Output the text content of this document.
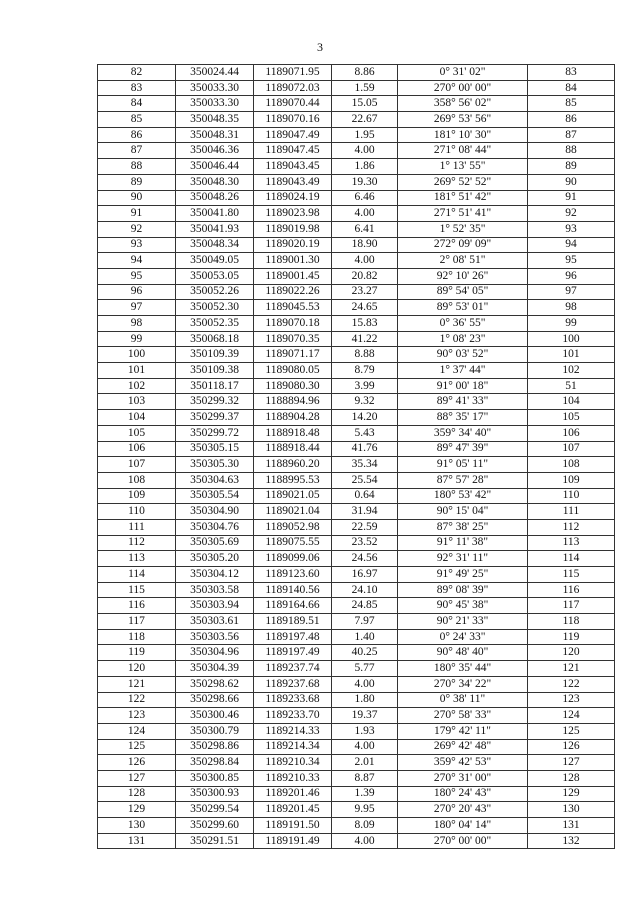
3
82	350024.44	1189071.95	8.86	0° 31' 02"	83
83	350033.30	1189072.03	1.59	270° 00' 00"	84
84	350033.30	1189070.44	15.05	358° 56' 02"	85
85	350048.35	1189070.16	22.67	269° 53' 56"	86
86	350048.31	1189047.49	1.95	181° 10' 30"	87
87	350046.36	1189047.45	4.00	271° 08' 44"	88
88	350046.44	1189043.45	1.86	1° 13' 55"	89
89	350048.30	1189043.49	19.30	269° 52' 52"	90
90	350048.26	1189024.19	6.46	181° 51' 42"	91
91	350041.80	1189023.98	4.00	271° 51' 41"	92
92	350041.93	1189019.98	6.41	1° 52' 35"	93
93	350048.34	1189020.19	18.90	272° 09' 09"	94
94	350049.05	1189001.30	4.00	2° 08' 51"	95
95	350053.05	1189001.45	20.82	92° 10' 26"	96
96	350052.26	1189022.26	23.27	89° 54' 05"	97
97	350052.30	1189045.53	24.65	89° 53' 01"	98
98	350052.35	1189070.18	15.83	0° 36' 55"	99
99	350068.18	1189070.35	41.22	1° 08' 23"	100
100	350109.39	1189071.17	8.88	90° 03' 52"	101
101	350109.38	1189080.05	8.79	1° 37' 44"	102
102	350118.17	1189080.30	3.99	91° 00' 18"	51
103	350299.32	1188894.96	9.32	89° 41' 33"	104
104	350299.37	1188904.28	14.20	88° 35' 17"	105
105	350299.72	1188918.48	5.43	359° 34' 40"	106
106	350305.15	1188918.44	41.76	89° 47' 39"	107
107	350305.30	1188960.20	35.34	91° 05' 11"	108
108	350304.63	1188995.53	25.54	87° 57' 28"	109
109	350305.54	1189021.05	0.64	180° 53' 42"	110
110	350304.90	1189021.04	31.94	90° 15' 04"	111
111	350304.76	1189052.98	22.59	87° 38' 25"	112
112	350305.69	1189075.55	23.52	91° 11' 38"	113
113	350305.20	1189099.06	24.56	92° 31' 11"	114
114	350304.12	1189123.60	16.97	91° 49' 25"	115
115	350303.58	1189140.56	24.10	89° 08' 39"	116
116	350303.94	1189164.66	24.85	90° 45' 38"	117
117	350303.61	1189189.51	7.97	90° 21' 33"	118
118	350303.56	1189197.48	1.40	0° 24' 33"	119
119	350304.96	1189197.49	40.25	90° 48' 40"	120
120	350304.39	1189237.74	5.77	180° 35' 44"	121
121	350298.62	1189237.68	4.00	270° 34' 22"	122
122	350298.66	1189233.68	1.80	0° 38' 11"	123
123	350300.46	1189233.70	19.37	270° 58' 33"	124
124	350300.79	1189214.33	1.93	179° 42' 11"	125
125	350298.86	1189214.34	4.00	269° 42' 48"	126
126	350298.84	1189210.34	2.01	359° 42' 53"	127
127	350300.85	1189210.33	8.87	270° 31' 00"	128
128	350300.93	1189201.46	1.39	180° 24' 43"	129
129	350299.54	1189201.45	9.95	270° 20' 43"	130
130	350299.60	1189191.50	8.09	180° 04' 14"	131
131	350291.51	1189191.49	4.00	270° 00' 00"	132
